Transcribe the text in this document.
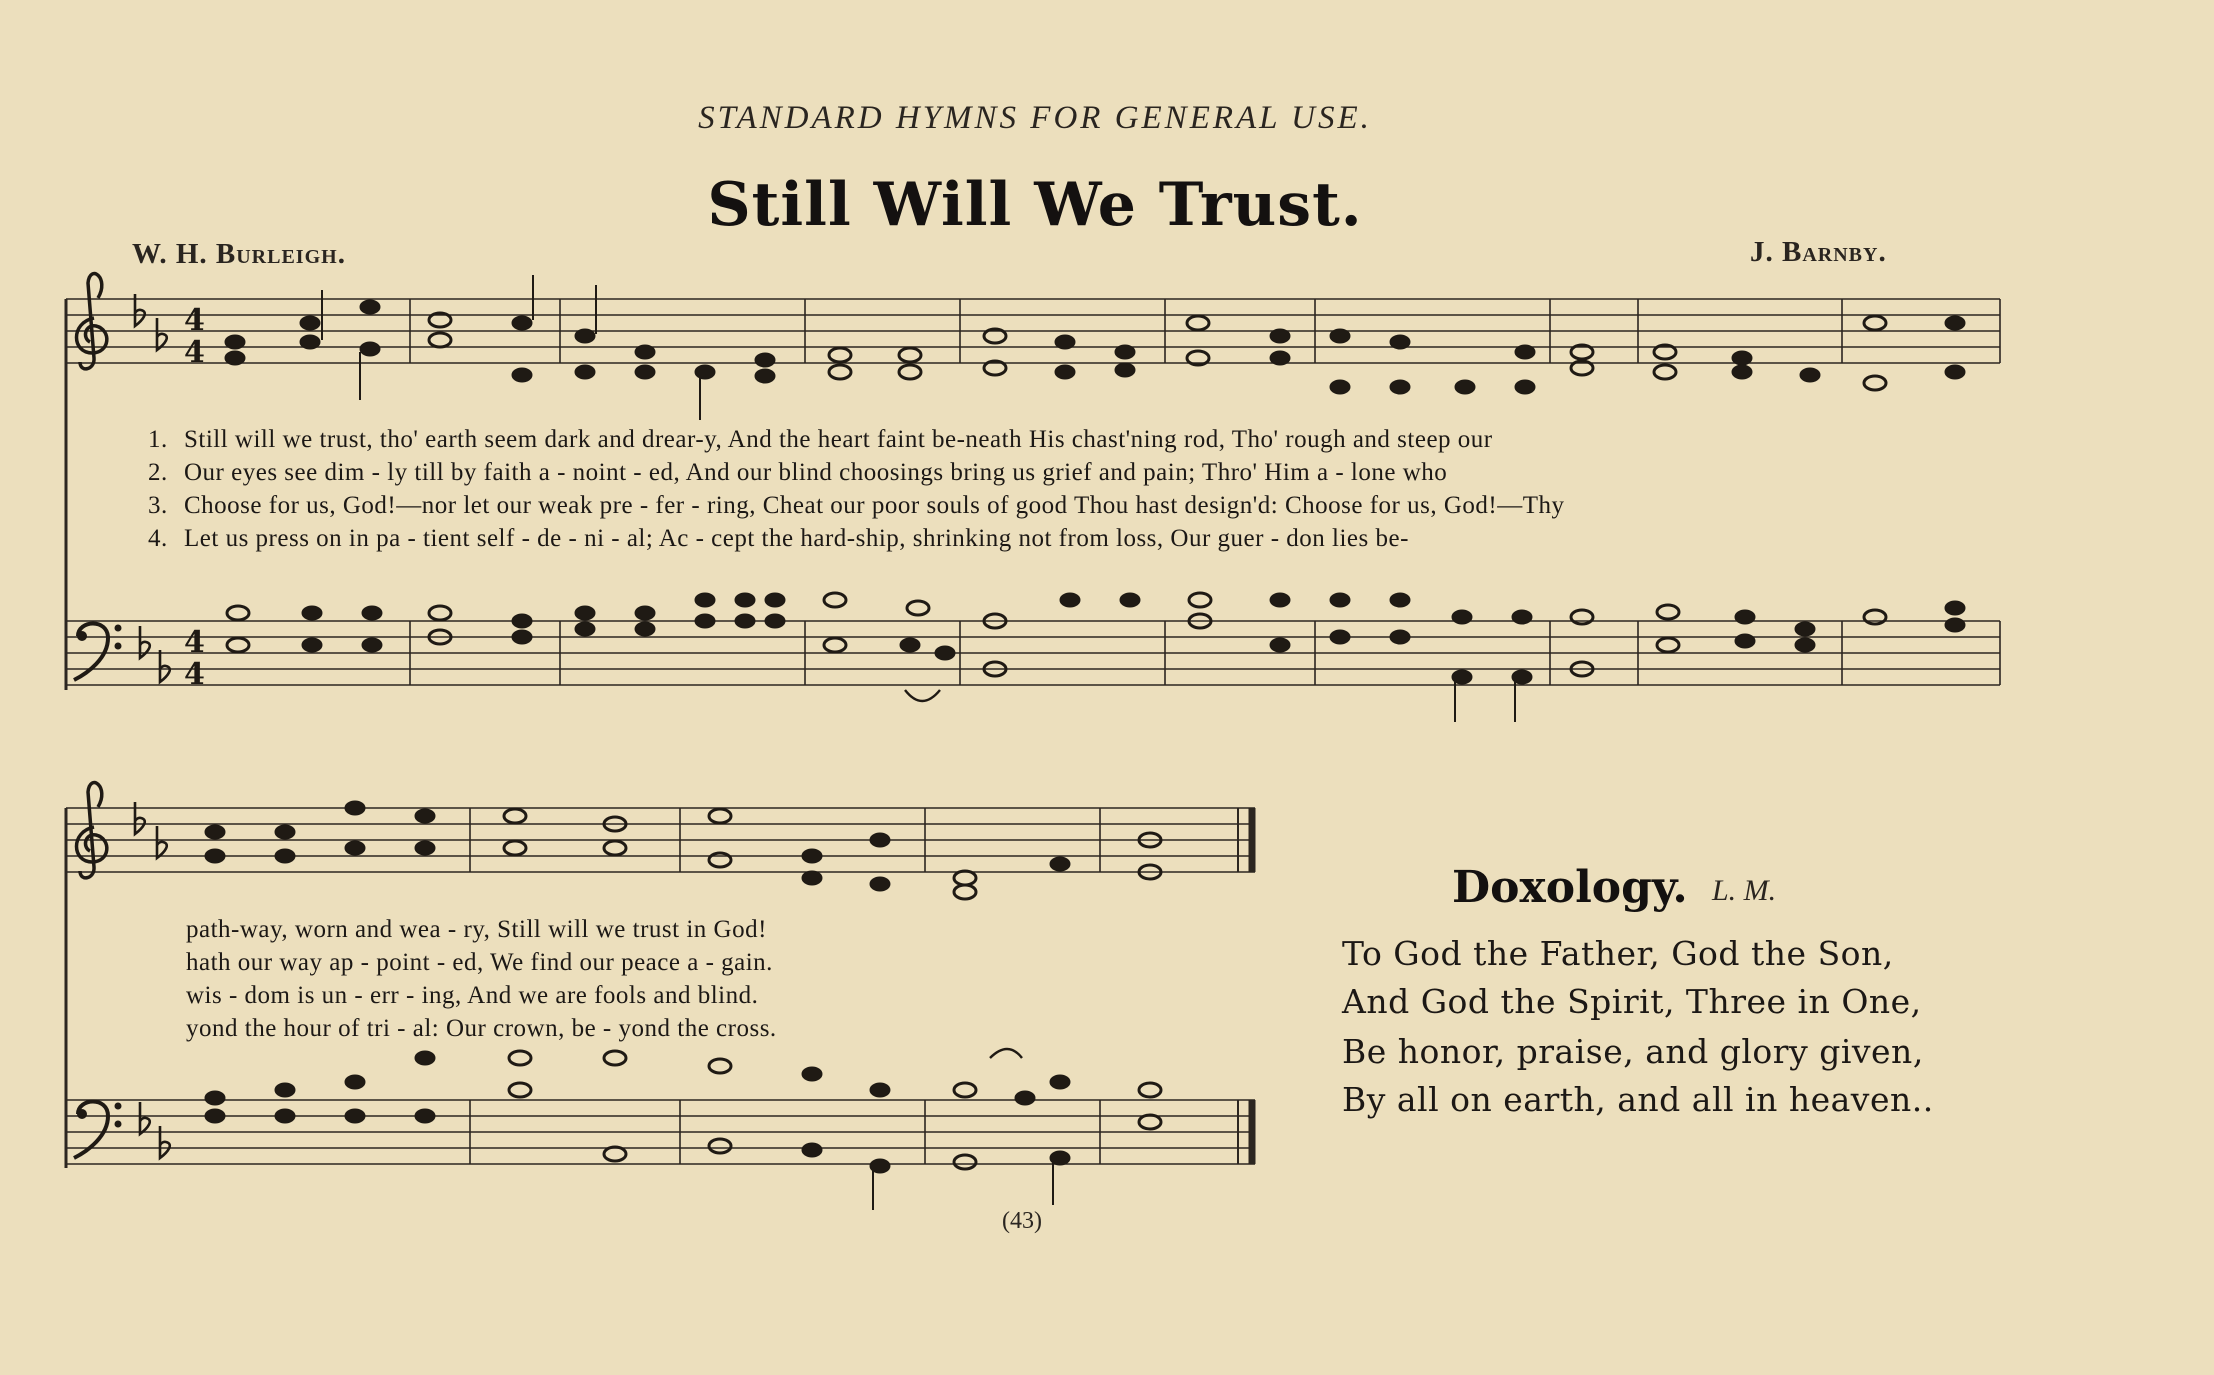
STANDARD HYMNS FOR GENERAL USE.
Still Will We Trust.
W. H. Burleigh.	J. Barnby.
4
4
4
4
1. Still will we trust, tho' earth seem dark and drear-y, And the heart faint be-neath His chast'ning rod, Tho' rough and steep our
2. Our eyes see dim - ly till by faith a - noint - ed, And our blind choosings bring us grief and pain; Thro' Him a - lone who
3. Choose for us, God!—nor let our weak pre - fer - ring, Cheat our poor souls of good Thou hast design'd: Choose for us, God!—Thy
4. Let us press on in pa - tient self - de - ni - al; Ac - cept the hard-ship, shrinking not from loss, Our guer - don lies be-
path-way, worn and wea - ry, Still will we trust in God!
hath our way ap - point - ed, We find our peace a - gain.
wis - dom is un - err - ing, And we are fools and blind.
yond the hour of tri - al: Our crown, be - yond the cross.
Doxology. L. M.
To God the Father, God the Son,
And God the Spirit, Three in One,
Be honor, praise, and glory given,
By all on earth, and all in heaven..
(43)
